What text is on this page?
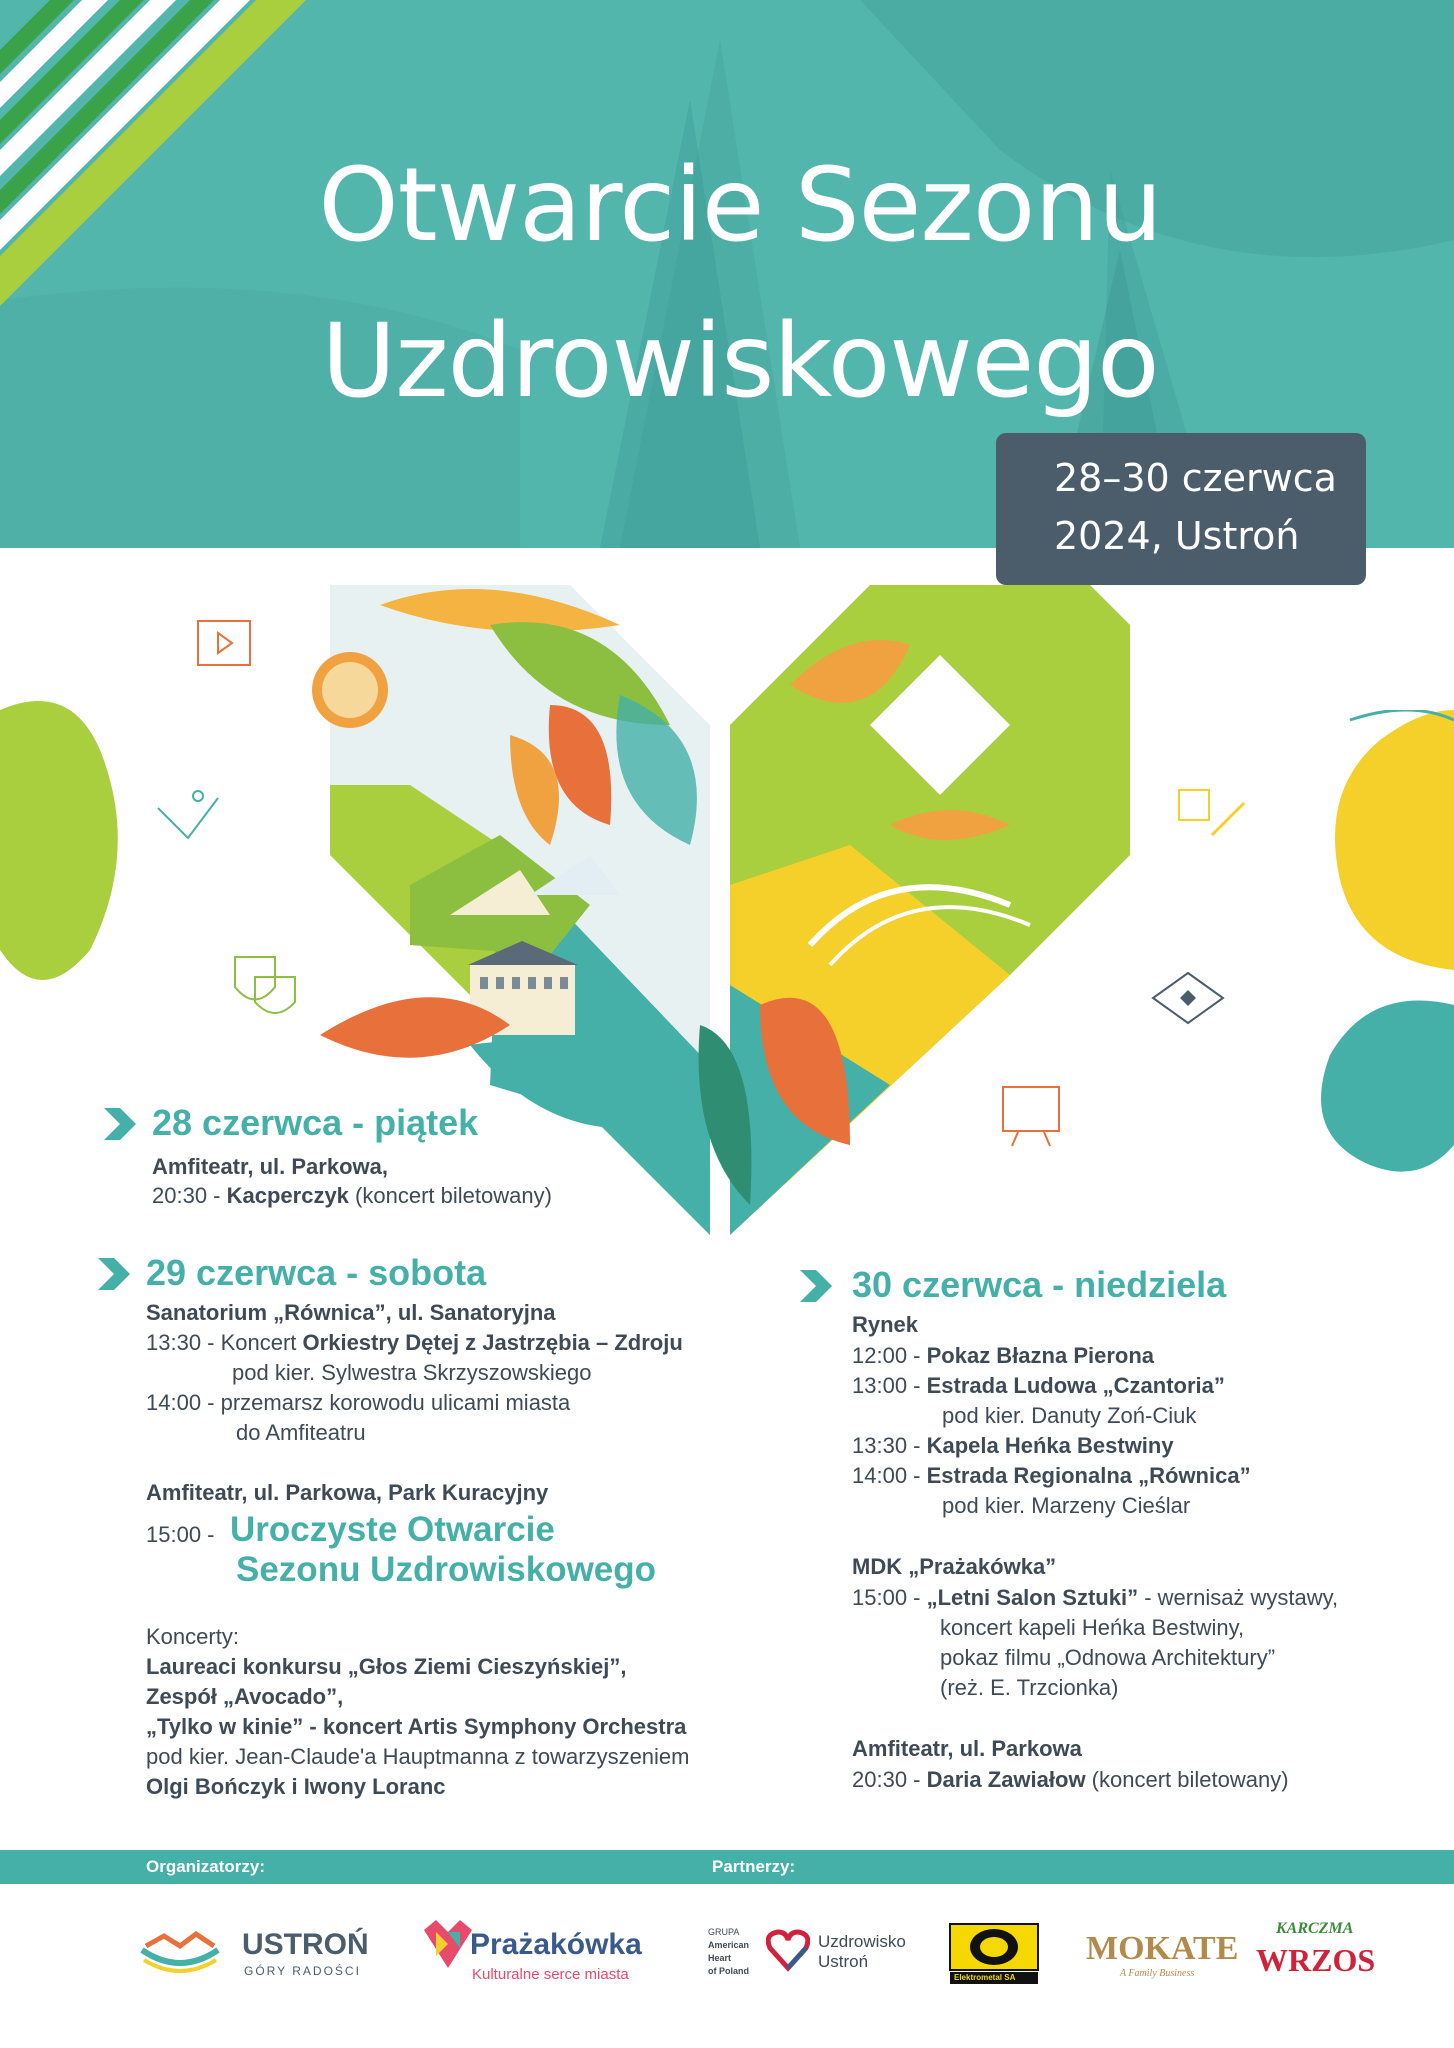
Otwarcie Sezonu
Uzdrowiskowego
28–30 czerwca
2024, Ustroń
28 czerwca - piątek
Amfiteatr, ul. Parkowa,
20:30 - Kacperczyk (koncert biletowany)
29 czerwca - sobota
Sanatorium „Równica”, ul. Sanatoryjna
13:30 - Koncert Orkiestry Dętej z Jastrzębia – Zdroju
pod kier. Sylwestra Skrzyszowskiego
14:00 - przemarsz korowodu ulicami miasta
do Amfiteatru
Amfiteatr, ul. Parkowa, Park Kuracyjny
15:00 - Uroczyste Otwarcie
Sezonu Uzdrowiskowego
Koncerty:
Laureaci konkursu „Głos Ziemi Cieszyńskiej”,
Zespół „Avocado”,
„Tylko w kinie” - koncert Artis Symphony Orchestra
pod kier. Jean-Claude'a Hauptmanna z towarzyszeniem
Olgi Bończyk i Iwony Loranc
30 czerwca - niedziela
Rynek
12:00 - Pokaz Błazna Pierona
13:00 - Estrada Ludowa „Czantoria”
pod kier. Danuty Zoń-Ciuk
13:30 - Kapela Heńka Bestwiny
14:00 - Estrada Regionalna „Równica”
pod kier. Marzeny Cieślar
MDK „Prażakówka”
15:00 - „Letni Salon Sztuki” - wernisaż wystawy,
koncert kapeli Heńka Bestwiny,
pokaz filmu „Odnowa Architektury”
(reż. E. Trzcionka)
Amfiteatr, ul. Parkowa
20:30 - Daria Zawiałow (koncert biletowany)
Organizatorzy:	Partnerzy:
USTROŃ
GÓRY RADOŚCI
Prażakówka
Kulturalne serce miasta
GRUPA
American
Heart
of Poland
Uzdrowisko
Ustroń
Elektrometal SA
MOKATE
A Family Business
KARCZMA
WRZOS
